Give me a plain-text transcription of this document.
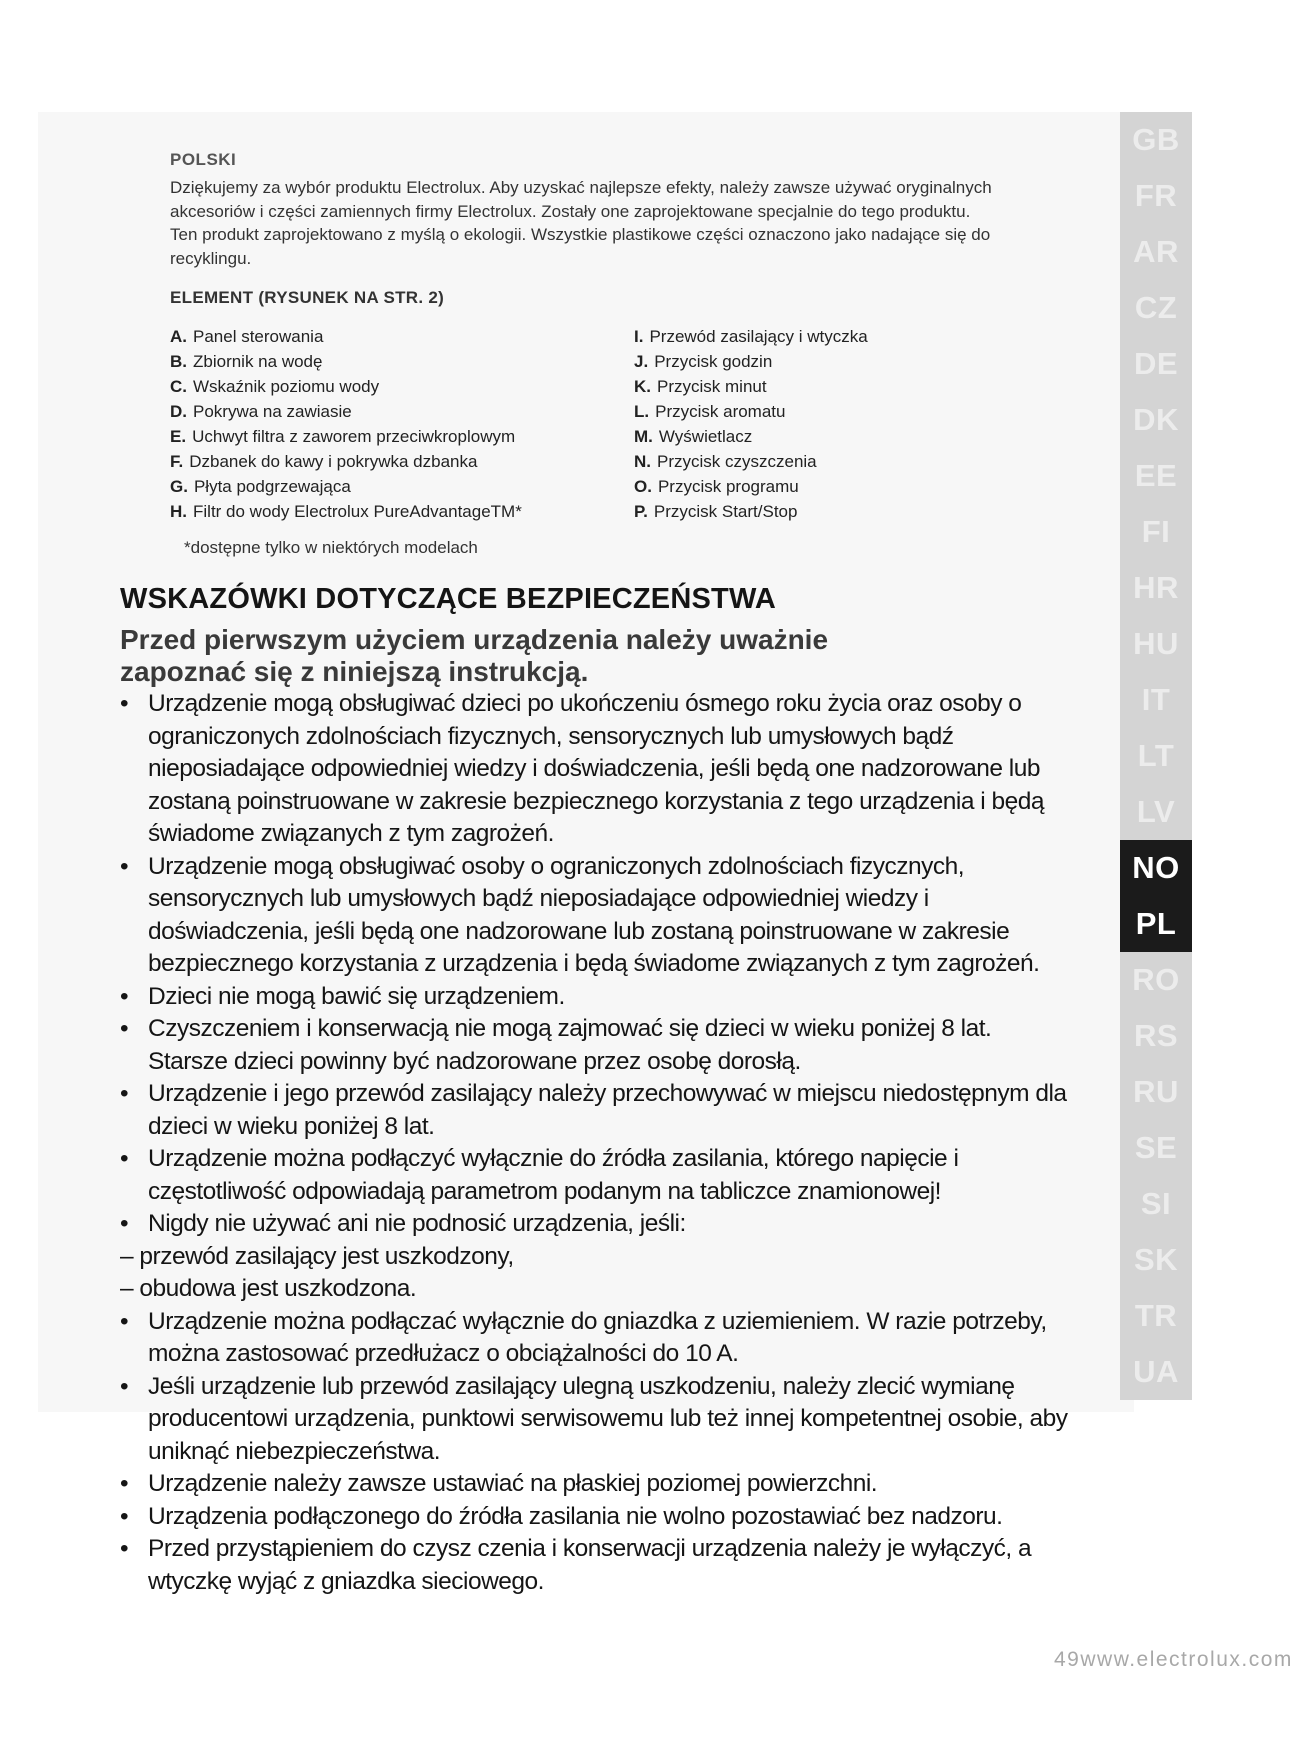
POLSKI

Dziękujemy za wybór produktu Electrolux. Aby uzyskać najlepsze efekty, należy zawsze używać oryginalnych

akcesoriów i części zamiennych firmy Electrolux. Zostały one zaprojektowane specjalnie do tego produktu.

Ten produkt zaprojektowano z myślą o ekologii. Wszystkie plastikowe części oznaczono jako nadające się do

recyklingu.

ELEMENT (RYSUNEK NA STR. 2)
A. Panel sterowania
B. Zbiornik na wodę
C. Wskaźnik poziomu wody
D. Pokrywa na zawiasie
E. Uchwyt filtra z zaworem przeciwkroplowym
F. Dzbanek do kawy i pokrywka dzbanka
G. Płyta podgrzewająca
H. Filtr do wody Electrolux PureAdvantageTM*
I. Przewód zasilający i wtyczka
J. Przycisk godzin
K. Przycisk minut
L. Przycisk aromatu
M. Wyświetlacz
N. Przycisk czyszczenia
O. Przycisk programu
P. Przycisk Start/Stop
*dostępne tylko w niektórych modelach
WSKAZÓWKI DOTYCZĄCE BEZPIECZEŃSTWA
Przed pierwszym użyciem urządzenia należy uważnie
zapoznać się z niniejszą instrukcją.
• Urządzenie mogą obsługiwać dzieci po ukończeniu ósmego roku życia oraz osoby o ograniczonych zdolnościach fizycznych, sensorycznych lub umysłowych bądź nieposiadające odpowiedniej wiedzy i doświadczenia, jeśli będą one nadzorowane lub zostaną poinstruowane w zakresie bezpiecznego korzystania z tego urządzenia i będą świadome związanych z tym zagrożeń.
• Urządzenie mogą obsługiwać osoby o ograniczonych zdolnościach fizycznych, sensorycznych lub umysłowych bądź nieposiadające odpowiedniej wiedzy i doświadczenia, jeśli będą one nadzorowane lub zostaną poinstruowane w zakresie bezpiecznego korzystania z urządzenia i będą świadome związanych z tym zagrożeń.
• Dzieci nie mogą bawić się urządzeniem.
• Czyszczeniem i konserwacją nie mogą zajmować się dzieci w wieku poniżej 8 lat. Starsze dzieci powinny być nadzorowane przez osobę dorosłą.
• Urządzenie i jego przewód zasilający należy przechowywać w miejscu niedostępnym dla dzieci w wieku poniżej 8 lat.
• Urządzenie można podłączyć wyłącznie do źródła zasilania, którego napięcie i częstotliwość odpowiadają parametrom podanym na tabliczce znamionowej!
• Nigdy nie używać ani nie podnosić urządzenia, jeśli:
– przewód zasilający jest uszkodzony,
– obudowa jest uszkodzona.
• Urządzenie można podłączać wyłącznie do gniazdka z uziemieniem. W razie potrzeby, można zastosować przedłużacz o obciążalności do 10 A.
• Jeśli urządzenie lub przewód zasilający ulegną uszkodzeniu, należy zlecić wymianę producentowi urządzenia, punktowi serwisowemu lub też innej kompetentnej osobie, aby uniknąć niebezpieczeństwa.
• Urządzenie należy zawsze ustawiać na płaskiej poziomej powierzchni.
• Urządzenia podłączonego do źródła zasilania nie wolno pozostawiać bez nadzoru.
• Przed przystąpieniem do czysz czenia i konserwacji urządzenia należy je wyłączyć, a wtyczkę wyjąć z gniazdka sieciowego.
GB
FR
AR
CZ
DE
DK
EE
FI
HR
HU
IT
LT
LV
NO
PL
RO
RS
RU
SE
SI
SK
TR
UA
49www.electrolux.com
